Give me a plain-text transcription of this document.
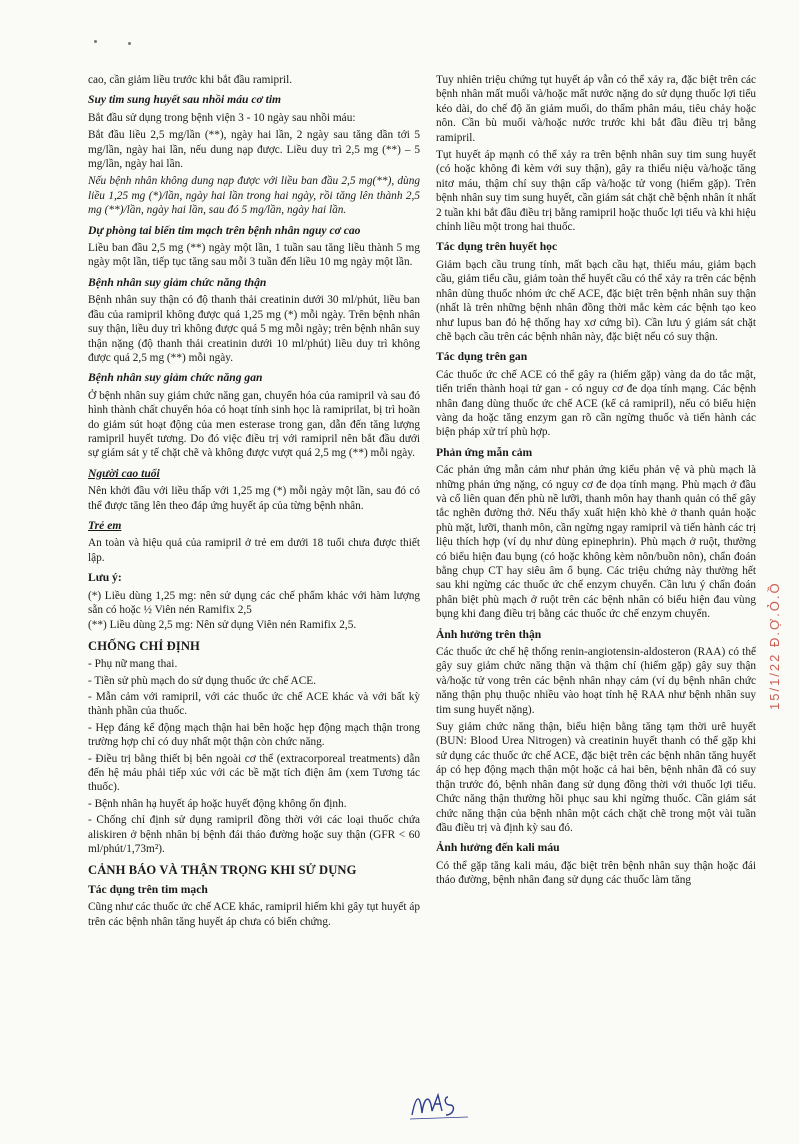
cao, cần giảm liều trước khi bắt đầu ramipril.

Suy tim sung huyết sau nhồi máu cơ tim

Bắt đầu sử dụng trong bệnh viện 3 - 10 ngày sau nhồi máu:

Bắt đầu liều 2,5 mg/lần (**), ngày hai lần, 2 ngày sau tăng dần tới 5 mg/lần, ngày hai lần, nếu dung nạp được. Liều duy trì 2,5 mg (**) – 5 mg/lần, ngày hai lần.

Nếu bệnh nhân không dung nạp được với liều ban đầu 2,5 mg(**), dùng liều 1,25 mg (*)/lần, ngày hai lần trong hai ngày, rồi tăng lên thành 2,5 mg (**)/lần, ngày hai lần, sau đó 5 mg/lần, ngày hai lần.

Dự phòng tai biến tim mạch trên bệnh nhân nguy cơ cao

Liều ban đầu 2,5 mg (**) ngày một lần, 1 tuần sau tăng liều thành 5 mg ngày một lần, tiếp tục tăng sau mỗi 3 tuần đến liều 10 mg ngày một lần.

Bệnh nhân suy giảm chức năng thận

Bệnh nhân suy thận có độ thanh thải creatinin dưới 30 ml/phút, liều ban đầu của ramipril không được quá 1,25 mg (*) mỗi ngày. Trên bệnh nhân suy thận, liều duy trì không được quá 5 mg mỗi ngày; trên bệnh nhân suy thận nặng (độ thanh thải creatinin dưới 10 ml/phút) liều duy trì không được quá 2,5 mg (**) mỗi ngày.

Bệnh nhân suy giảm chức năng gan

Ở bệnh nhân suy giảm chức năng gan, chuyển hóa của ramipril và sau đó hình thành chất chuyển hóa có hoạt tính sinh học là ramiprilat, bị trì hoãn do giảm sút hoạt động của men esterase trong gan, dẫn đến tăng lượng ramipril huyết tương. Do đó việc điều trị với ramipril nên bắt đầu dưới sự giám sát y tế chặt chẽ và không được vượt quá 2,5 mg (**) mỗi ngày.

Người cao tuổi

Nên khởi đầu với liều thấp với 1,25 mg (*) mỗi ngày một lần, sau đó có thể được tăng lên theo đáp ứng huyết áp của từng bệnh nhân.

Trẻ em

An toàn và hiệu quả của ramipril ở trẻ em dưới 18 tuổi chưa được thiết lập.

Lưu ý:

(*) Liều dùng 1,25 mg: nên sử dụng các chế phẩm khác với hàm lượng sẵn có hoặc ½ Viên nén Ramifix 2,5

(**) Liều dùng 2,5 mg: Nên sử dụng Viên nén Ramifix 2,5.

CHỐNG CHỈ ĐỊNH
- Phụ nữ mang thai.
- Tiền sử phù mạch do sử dụng thuốc ức chế ACE.
- Mẫn cảm với ramipril, với các thuốc ức chế ACE khác và với bất kỳ thành phần của thuốc.
- Hẹp đáng kể động mạch thận hai bên hoặc hẹp động mạch thận trong trường hợp chỉ có duy nhất một thận còn chức năng.
- Điều trị bằng thiết bị bên ngoài cơ thể (extracorporeal treatments) dẫn đến hệ máu phải tiếp xúc với các bề mặt tích điện âm (xem Tương tác thuốc).
- Bệnh nhân hạ huyết áp hoặc huyết động không ổn định.
- Chống chỉ định sử dụng ramipril đồng thời với các loại thuốc chứa aliskiren ở bệnh nhân bị bệnh đái tháo đường hoặc suy thận (GFR < 60 ml/phút/1,73m²).
CẢNH BÁO VÀ THẬN TRỌNG KHI SỬ DỤNG
Tác dụng trên tim mạch

Cũng như các thuốc ức chế ACE khác, ramipril hiếm khi gây tụt huyết áp trên các bệnh nhân tăng huyết áp chưa có biến chứng.

Tuy nhiên triệu chứng tụt huyết áp vẫn có thể xảy ra, đặc biệt trên các bệnh nhân mất muối và/hoặc mất nước nặng do sử dụng thuốc lợi tiểu kéo dài, do chế độ ăn giảm muối, do thẩm phân máu, tiêu chảy hoặc nôn. Cần bù muối và/hoặc nước trước khi bắt đầu điều trị bằng ramipril.

Tụt huyết áp mạnh có thể xảy ra trên bệnh nhân suy tim sung huyết (có hoặc không đi kèm với suy thận), gây ra thiểu niệu và/hoặc tăng nitơ máu, thậm chí suy thận cấp và/hoặc tử vong (hiếm gặp). Trên bệnh nhân suy tim sung huyết, cần giám sát chặt chẽ bệnh nhân ít nhất 2 tuần khi bắt đầu điều trị bằng ramipril hoặc thuốc lợi tiểu và khi hiệu chỉnh liều một trong hai thuốc.

Tác dụng trên huyết học

Giảm bạch cầu trung tính, mất bạch cầu hạt, thiếu máu, giảm bạch cầu, giảm tiểu cầu, giảm toàn thể huyết cầu có thể xảy ra trên các bệnh nhân dùng thuốc nhóm ức chế ACE, đặc biệt trên bệnh nhân suy thận (nhất là trên những bệnh nhân đồng thời mắc kèm các bệnh tạo keo như lupus ban đỏ hệ thống hay xơ cứng bì). Cần lưu ý giám sát chặt chẽ bạch cầu trên các bệnh nhân này, đặc biệt nếu có suy thận.

Tác dụng trên gan

Các thuốc ức chế ACE có thể gây ra (hiếm gặp) vàng da do tắc mật, tiến triển thành hoại tử gan - có nguy cơ đe dọa tính mạng. Các bệnh nhân đang dùng thuốc ức chế ACE (kể cả ramipril), nếu có biểu hiện vàng da hoặc tăng enzym gan rõ cần ngừng thuốc và tiến hành các biện pháp xử trí phù hợp.

Phản ứng mẫn cảm

Các phản ứng mẫn cảm như phản ứng kiểu phản vệ và phù mạch là những phản ứng nặng, có nguy cơ đe dọa tính mạng. Phù mạch ở đầu và cổ liên quan đến phù nề lưỡi, thanh môn hay thanh quản có thể gây tắc nghẽn đường thở. Nếu thấy xuất hiện khò khè ở thanh quản hoặc phù mặt, lưỡi, thanh môn, cần ngừng ngay ramipril và tiến hành các trị liệu thích hợp (ví dụ như dùng epinephrin). Phù mạch ở ruột, thường có biểu hiện đau bụng (có hoặc không kèm nôn/buồn nôn), chẩn đoán bằng chụp CT hay siêu âm ổ bụng. Các triệu chứng này thường hết sau khi ngừng các thuốc ức chế enzym chuyển. Cần lưu ý chẩn đoán phân biệt phù mạch ở ruột trên các bệnh nhân có biểu hiện đau vùng bụng khi đang điều trị bằng các thuốc ức chế enzym chuyển.

Ảnh hưởng trên thận

Các thuốc ức chế hệ thống renin-angiotensin-aldosteron (RAA) có thể gây suy giảm chức năng thận và thậm chí (hiếm gặp) gây suy thận và/hoặc tử vong trên các bệnh nhân nhạy cảm (ví dụ bệnh nhân chức năng thận phụ thuộc nhiều vào hoạt tính hệ RAA như bệnh nhân suy tim sung huyết nặng).

Suy giảm chức năng thận, biểu hiện bằng tăng tạm thời urê huyết (BUN: Blood Urea Nitrogen) và creatinin huyết thanh có thể gặp khi sử dụng các thuốc ức chế ACE, đặc biệt trên các bệnh nhân tăng huyết áp có hẹp động mạch thận một hoặc cả hai bên, bệnh nhân đã có suy thận trước đó, bệnh nhân đang sử dụng đồng thời với thuốc lợi tiểu. Chức năng thận thường hồi phục sau khi ngừng thuốc. Cần giám sát chức năng thận của bệnh nhân một cách chặt chẽ trong một vài tuần đầu điều trị và định kỳ sau đó.

Ảnh hưởng đến kali máu

Có thể gặp tăng kali máu, đặc biệt trên bệnh nhân suy thận hoặc đái tháo đường, bệnh nhân đang sử dụng các thuốc làm tăng

15/1/22 Đ.Ợ.Ỏ.Ồ
